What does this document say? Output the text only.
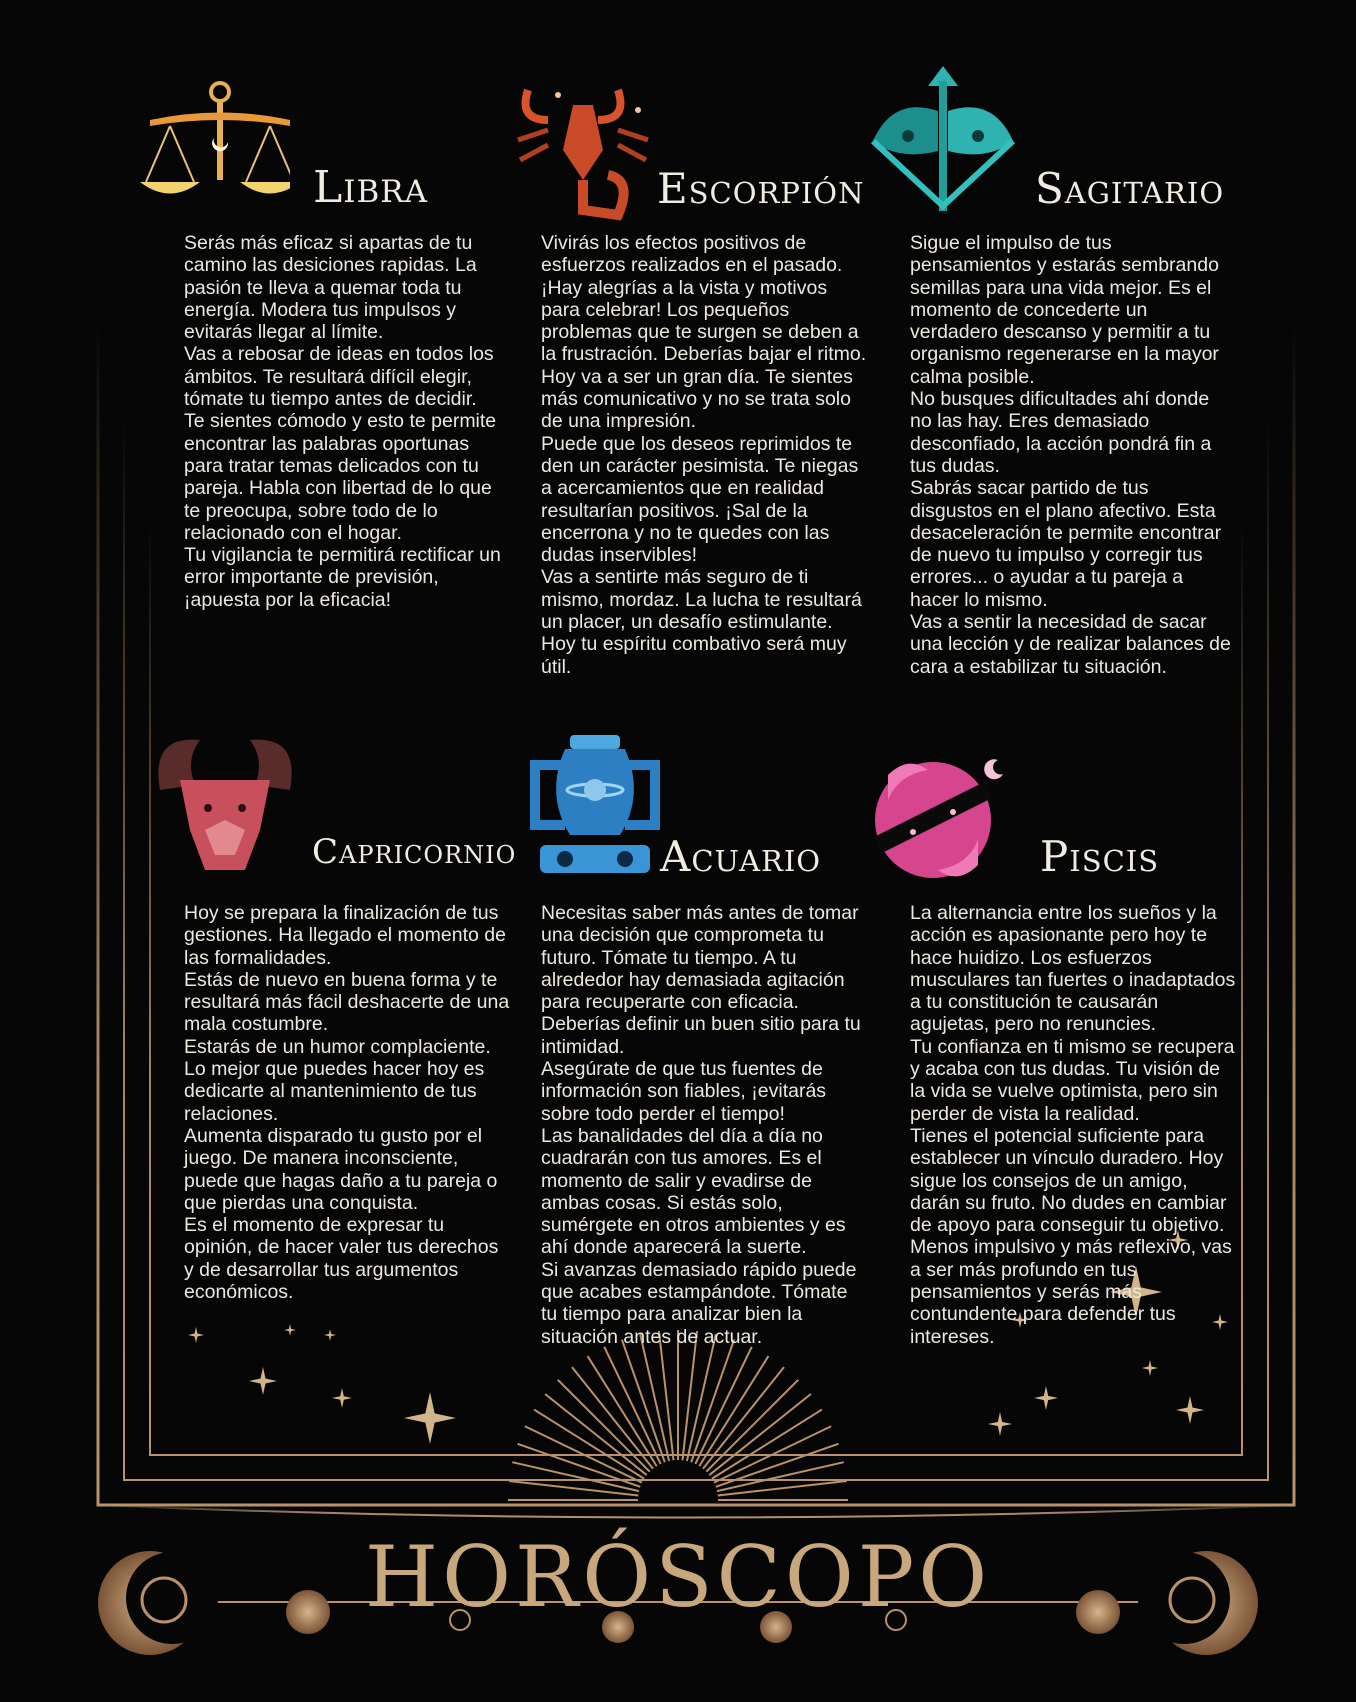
Libra

Serás más eficaz si apartas de tu camino las desiciones rapidas. La pasión te lleva a quemar toda tu energía. Modera tus impulsos y evitarás llegar al límite.

Vas a rebosar de ideas en todos los ámbitos. Te resultará difícil elegir, tómate tu tiempo antes de decidir.

Te sientes cómodo y esto te permite encontrar las palabras oportunas para tratar temas delicados con tu pareja. Habla con libertad de lo que te preocupa, sobre todo de lo relacionado con el hogar.

Tu vigilancia te permitirá rectificar un error importante de previsión, ¡apuesta por la eficacia!

Escorpión

Vivirás los efectos positivos de esfuerzos realizados en el pasado. ¡Hay alegrías a la vista y motivos para celebrar! Los pequeños problemas que te surgen se deben a la frustración. Deberías bajar el ritmo.

Hoy va a ser un gran día. Te sientes más comunicativo y no se trata solo de una impresión.

Puede que los deseos reprimidos te den un carácter pesimista. Te niegas a acercamientos que en realidad resultarían positivos. ¡Sal de la encerrona y no te quedes con las dudas inservibles!

Vas a sentirte más seguro de ti mismo, mordaz. La lucha te resultará un placer, un desafío estimulante. Hoy tu espíritu combativo será muy útil.

Sagitario

Sigue el impulso de tus pensamientos y estarás sembrando semillas para una vida mejor. Es el momento de concederte un verdadero descanso y permitir a tu organismo regenerarse en la mayor calma posible.

No busques dificultades ahí donde no las hay. Eres demasiado desconfiado, la acción pondrá fin a tus dudas.

Sabrás sacar partido de tus disgustos en el plano afectivo. Esta desaceleración te permite encontrar de nuevo tu impulso y corregir tus errores... o ayudar a tu pareja a hacer lo mismo.

Vas a sentir la necesidad de sacar una lección y de realizar balances de cara a estabilizar tu situación.

Capricornio

Hoy se prepara la finalización de tus gestiones. Ha llegado el momento de las formalidades.

Estás de nuevo en buena forma y te resultará más fácil deshacerte de una mala costumbre.

Estarás de un humor complaciente. Lo mejor que puedes hacer hoy es dedicarte al mantenimiento de tus relaciones.

Aumenta disparado tu gusto por el juego. De manera inconsciente, puede que hagas daño a tu pareja o que pierdas una conquista.

Es el momento de expresar tu opinión, de hacer valer tus derechos y de desarrollar tus argumentos económicos.

Acuario

Necesitas saber más antes de tomar una decisión que comprometa tu futuro. Tómate tu tiempo. A tu alrededor hay demasiada agitación para recuperarte con eficacia. Deberías definir un buen sitio para tu intimidad.

Asegúrate de que tus fuentes de información son fiables, ¡evitarás sobre todo perder el tiempo!

Las banalidades del día a día no cuadrarán con tus amores. Es el momento de salir y evadirse de ambas cosas. Si estás solo, sumérgete en otros ambientes y es ahí donde aparecerá la suerte.

Si avanzas demasiado rápido puede que acabes estampándote. Tómate tu tiempo para analizar bien la situación antes de actuar.

Piscis

La alternancia entre los sueños y la acción es apasionante pero hoy te hace huidizo. Los esfuerzos musculares tan fuertes o inadaptados a tu constitución te causarán agujetas, pero no renuncies.

Tu confianza en ti mismo se recupera y acaba con tus dudas. Tu visión de la vida se vuelve optimista, pero sin perder de vista la realidad.

Tienes el potencial suficiente para establecer un vínculo duradero. Hoy sigue los consejos de un amigo, darán su fruto. No dudes en cambiar de apoyo para conseguir tu objetivo.

Menos impulsivo y más reflexivo, vas a ser más profundo en tus pensamientos y serás más contundente para defender tus intereses.

HORÓSCOPO
